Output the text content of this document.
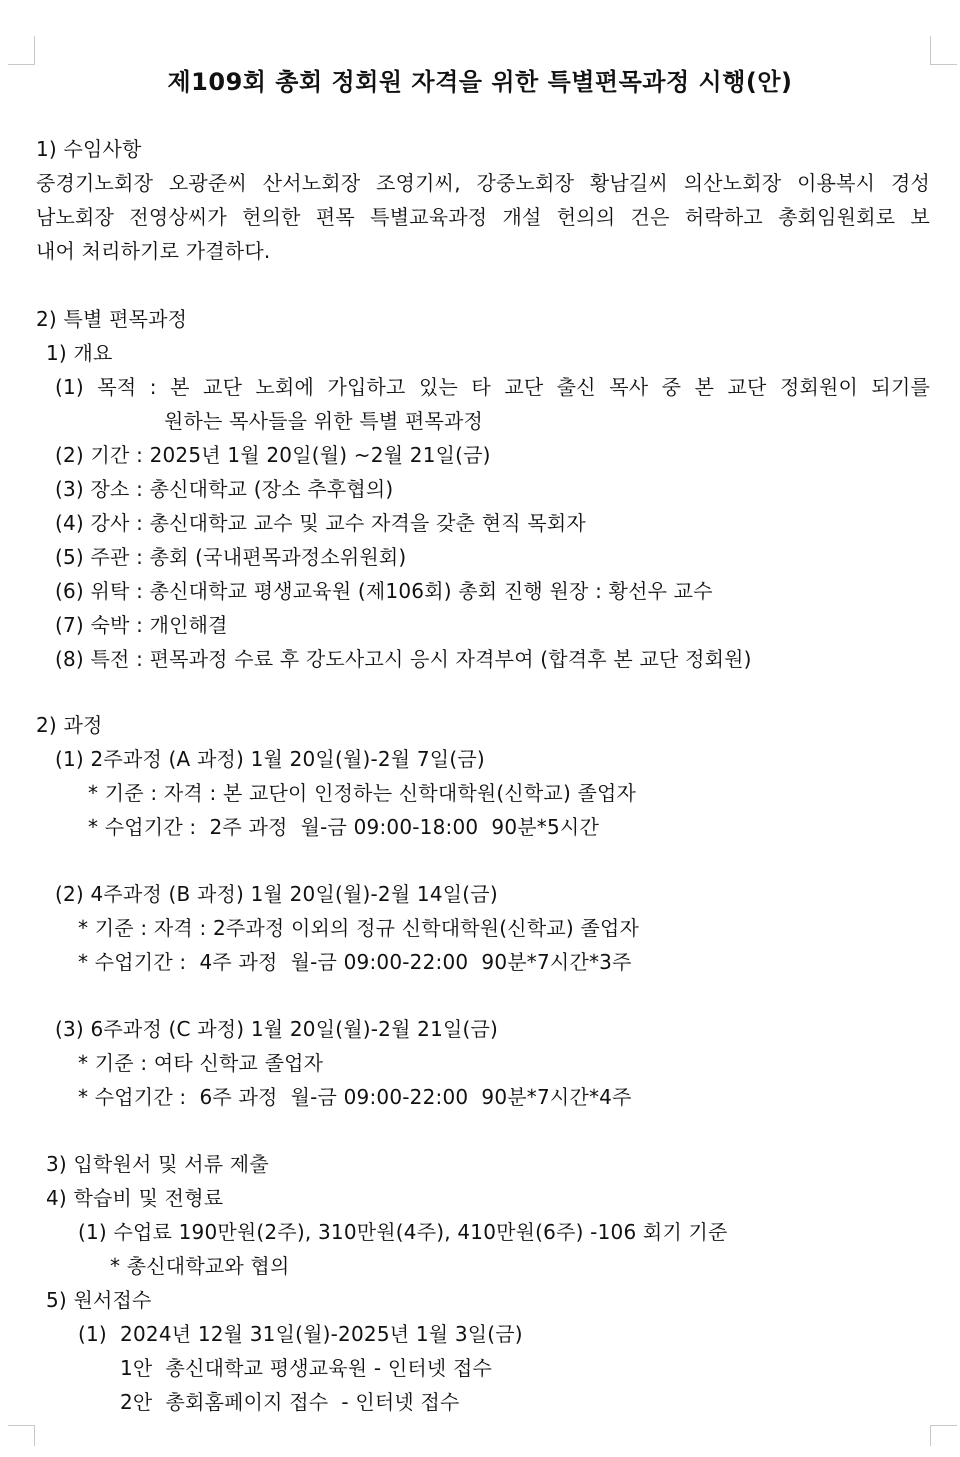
제109회 총회 정회원 자격을 위한 특별편목과정 시행(안)
1) 수임사항
중경기노회장 오광준씨 산서노회장 조영기씨, 강중노회장 황남길씨 의산노회장 이용복시 경성
남노회장 전영상씨가 헌의한 편목 특별교육과정 개설 헌의의 건은 허락하고 총회임원회로 보
내어 처리하기로 가결하다.
2) 특별 편목과정
1) 개요
(1) 목적 : 본 교단 노회에 가입하고 있는 타 교단 출신 목사 중 본 교단 정회원이 되기를
원하는 목사들을 위한 특별 편목과정
(2) 기간 : 2025년 1월 20일(월) ~2월 21일(금)
(3) 장소 : 총신대학교 (장소 추후협의)
(4) 강사 : 총신대학교 교수 및 교수 자격을 갖춘 현직 목회자
(5) 주관 : 총회 (국내편목과정소위원회)
(6) 위탁 : 총신대학교 평생교육원 (제106회) 총회 진행 원장 : 황선우 교수
(7) 숙박 : 개인해결
(8) 특전 : 편목과정 수료 후 강도사고시 응시 자격부여 (합격후 본 교단 정회원)
2) 과정
(1) 2주과정 (A 과정) 1월 20일(월)-2월 7일(금)
* 기준 : 자격 : 본 교단이 인정하는 신학대학원(신학교) 졸업자
* 수업기간 :  2주 과정  월-금 09:00-18:00  90분*5시간
(2) 4주과정 (B 과정) 1월 20일(월)-2월 14일(금)
* 기준 : 자격 : 2주과정 이외의 정규 신학대학원(신학교) 졸업자
* 수업기간 :  4주 과정  월-금 09:00-22:00  90분*7시간*3주
(3) 6주과정 (C 과정) 1월 20일(월)-2월 21일(금)
* 기준 : 여타 신학교 졸업자
* 수업기간 :  6주 과정  월-금 09:00-22:00  90분*7시간*4주
3) 입학원서 및 서류 제출
4) 학습비 및 전형료
(1) 수업료 190만원(2주), 310만원(4주), 410만원(6주) -106 회기 기준
* 총신대학교와 협의
5) 원서접수
(1)  2024년 12월 31일(월)-2025년 1월 3일(금)
1안  총신대학교 평생교육원 - 인터넷 접수
2안  총회홈페이지 접수  - 인터넷 접수
